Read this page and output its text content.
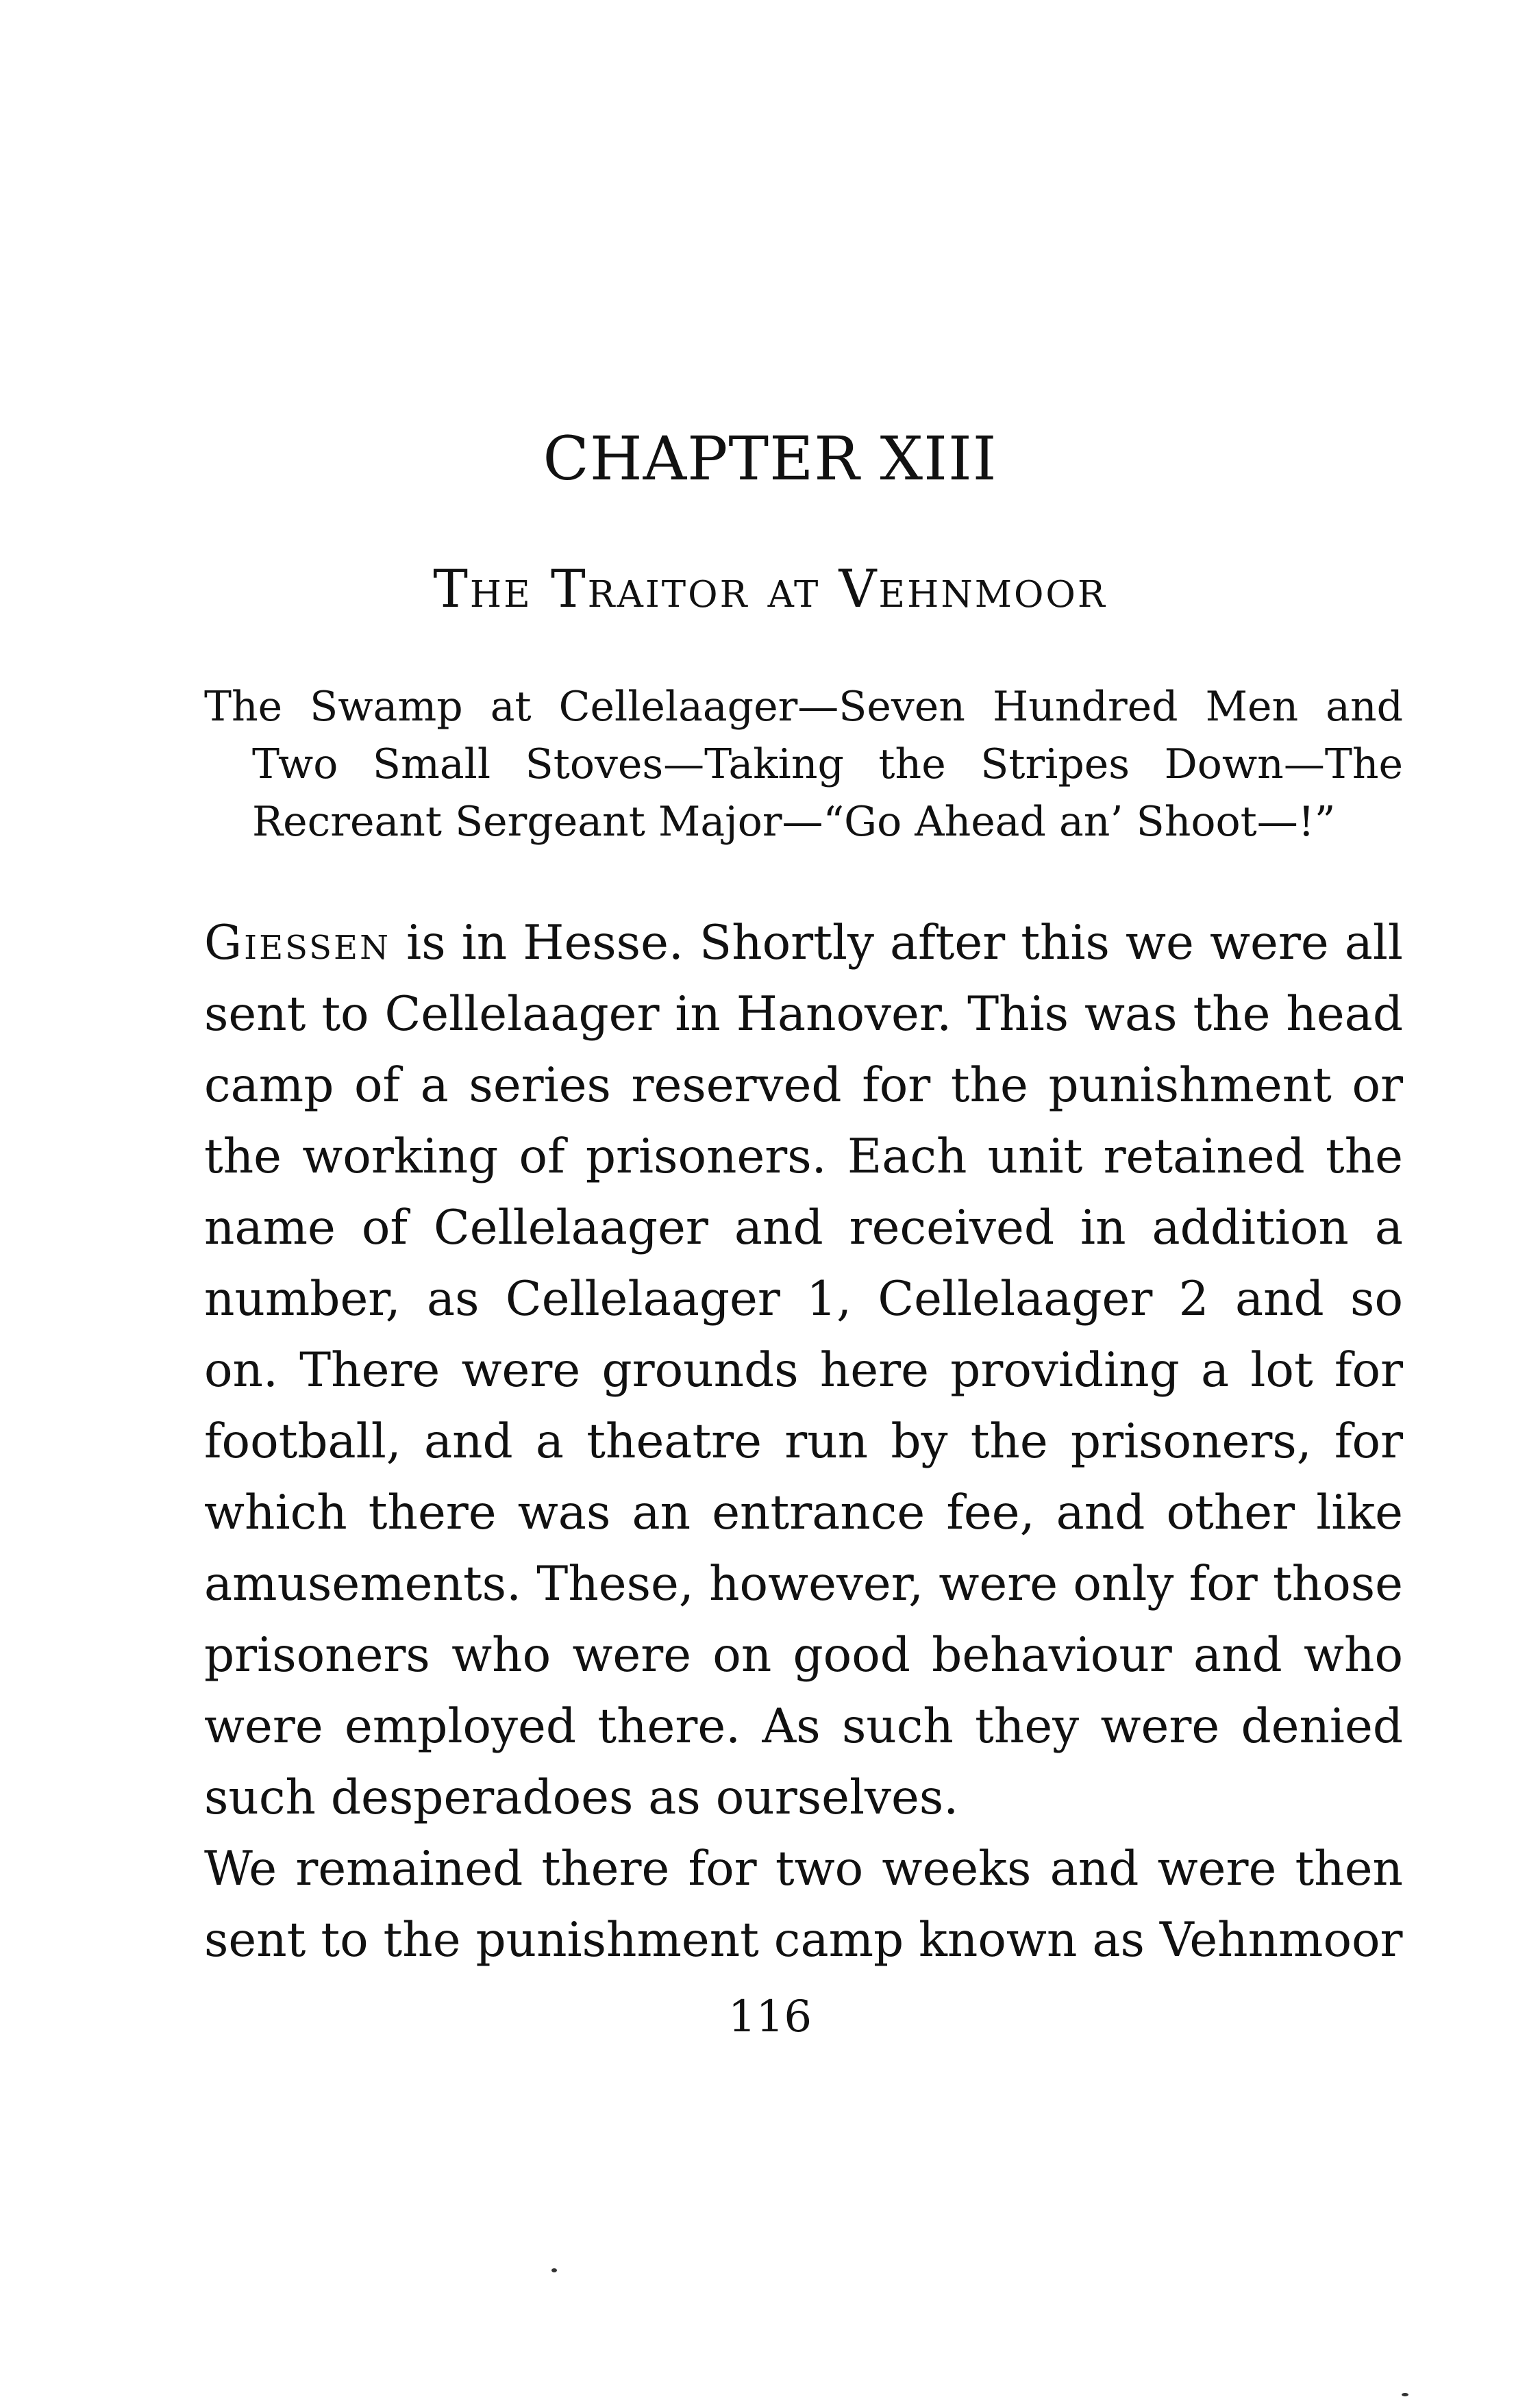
CHAPTER XIII
The Traitor at Vehnmoor

The Swamp at Cellelaager—Seven Hundred Men and Two Small Stoves—Taking the Stripes Down—The Recreant Sergeant Major—“Go Ahead an’ Shoot—!”

Giessen is in Hesse. Shortly after this we were all sent to Cellelaager in Hanover. This was the head camp of a series reserved for the punishment or the working of prisoners. Each unit retained the name of Cellelaager and received in addition a number, as Cellelaager 1, Cellelaager 2 and so on. There were grounds here providing a lot for football, and a theatre run by the prisoners, for which there was an entrance fee, and other like amusements. These, however, were only for those prisoners who were on good behaviour and who were employed there. As such they were denied such desperadoes as ourselves.

We remained there for two weeks and were then sent to the punishment camp known as Vehnmoor

116
